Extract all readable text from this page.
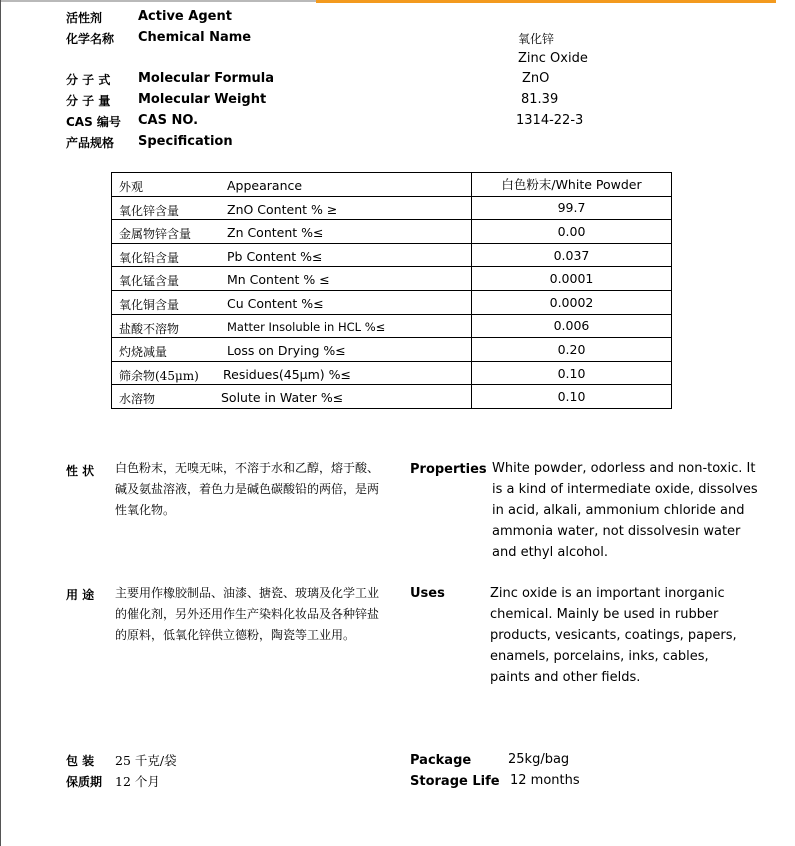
活性剂	Active Agent
化学名称 Chemical Name	氧化锌
Zinc Oxide
分 子 式 Molecular Formula	ZnO
分 子 量 Molecular Weight	81.39
CAS 编号 CAS NO.	1314-22-3
产品规格 Specification
外观 Appearance	白色粉末/White Powder

氧化锌含量 ZnO Content % ≥	99.7

金属物锌含量 Zn Content %≤	0.00

氧化铅含量 Pb Content %≤	0.037

氧化锰含量 Mn Content % ≤	0.0001

氧化铜含量 Cu Content %≤	0.0002

盐酸不溶物 Matter Insoluble in HCL %≤	0.006

灼烧减量 Loss on Drying %≤	0.20

筛余物(45μm) Residues(45μm) %≤	0.10

水溶物 Solute in Water %≤	0.10
性 状 白色粉末，无嗅无味，不溶于水和乙醇，熔于酸、
碱及氨盐溶液，着色力是碱色碳酸铅的两倍，是两
性氧化物。
Properties White powder, odorless and non-toxic. It
is a kind of intermediate oxide, dissolves
in acid, alkali, ammonium chloride and
ammonia water, not dissolvesin water
and ethyl alcohol.
用 途 主要用作橡胶制品、油漆、搪瓷、玻璃及化学工业
的催化剂，另外还用作生产染料化妆品及各种锌盐
的原料，低氧化锌供立德粉，陶瓷等工业用。
Uses	Zinc oxide is an important inorganic
chemical. Mainly be used in rubber
products, vesicants, coatings, papers,
enamels, porcelains, inks, cables,
paints and other fields.
包 装 25 千克/袋	Package	25kg/bag
保质期 12 个月	Storage Life 12 months
